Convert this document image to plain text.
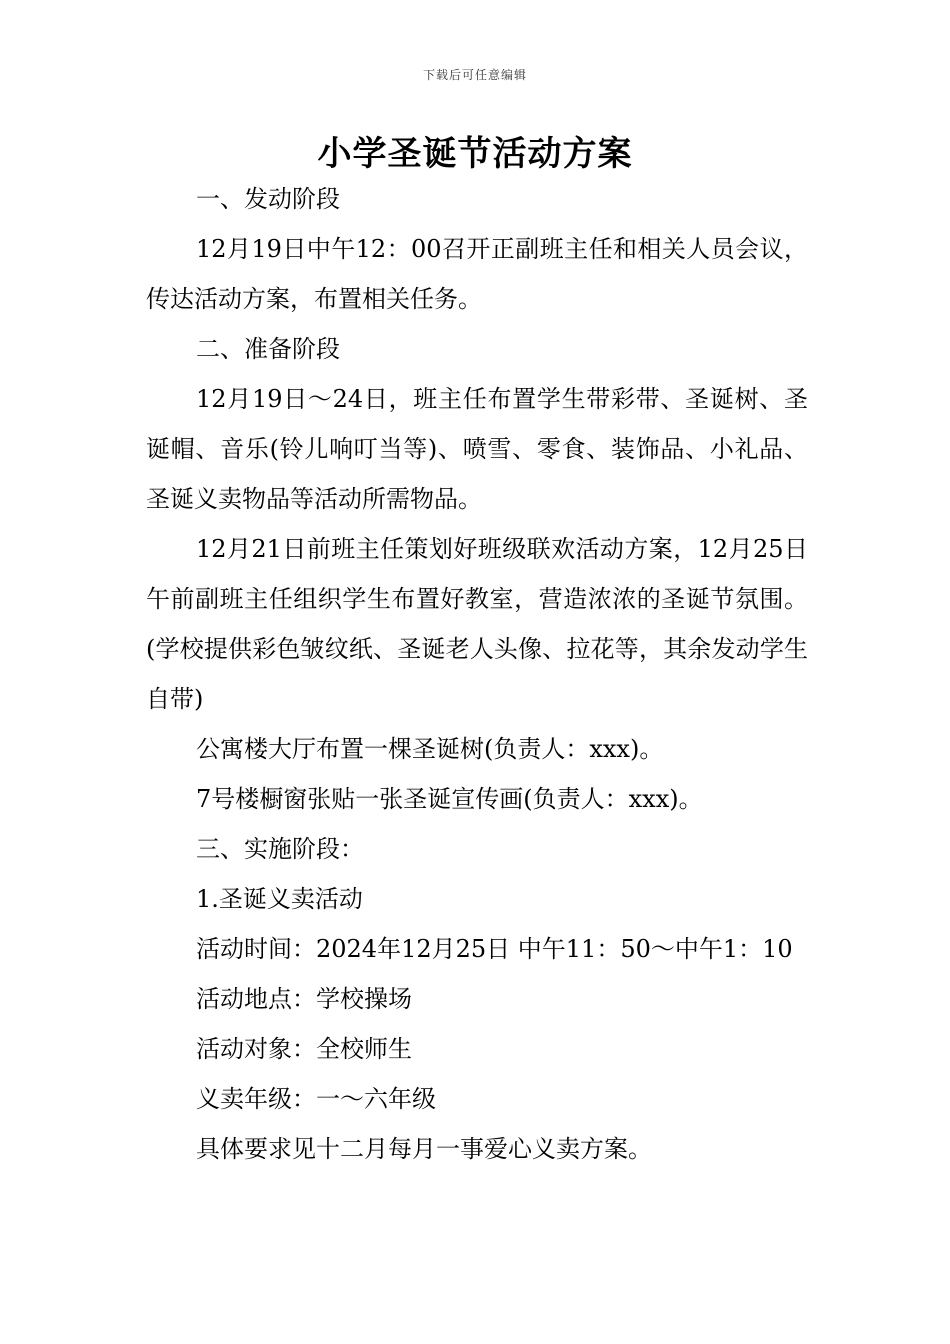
下载后可任意编辑
小学圣诞节活动方案

一、发动阶段

12月19日中午12：00召开正副班主任和相关人员会议，传达活动方案，布置相关任务。

二、准备阶段

12月19日～24日，班主任布置学生带彩带、圣诞树、圣诞帽、音乐(铃儿响叮当等)、喷雪、零食、装饰品、小礼品、圣诞义卖物品等活动所需物品。

12月21日前班主任策划好班级联欢活动方案，12月25日午前副班主任组织学生布置好教室，营造浓浓的圣诞节氛围。(学校提供彩色皱纹纸、圣诞老人头像、拉花等，其余发动学生自带)

公寓楼大厅布置一棵圣诞树(负责人：xxx)。

7号楼橱窗张贴一张圣诞宣传画(负责人：xxx)。

三、实施阶段：

1.圣诞义卖活动

活动时间：2024年12月25日 中午11：50～中午1：10

活动地点：学校操场

活动对象：全校师生

义卖年级：一～六年级

具体要求见十二月每月一事爱心义卖方案。
